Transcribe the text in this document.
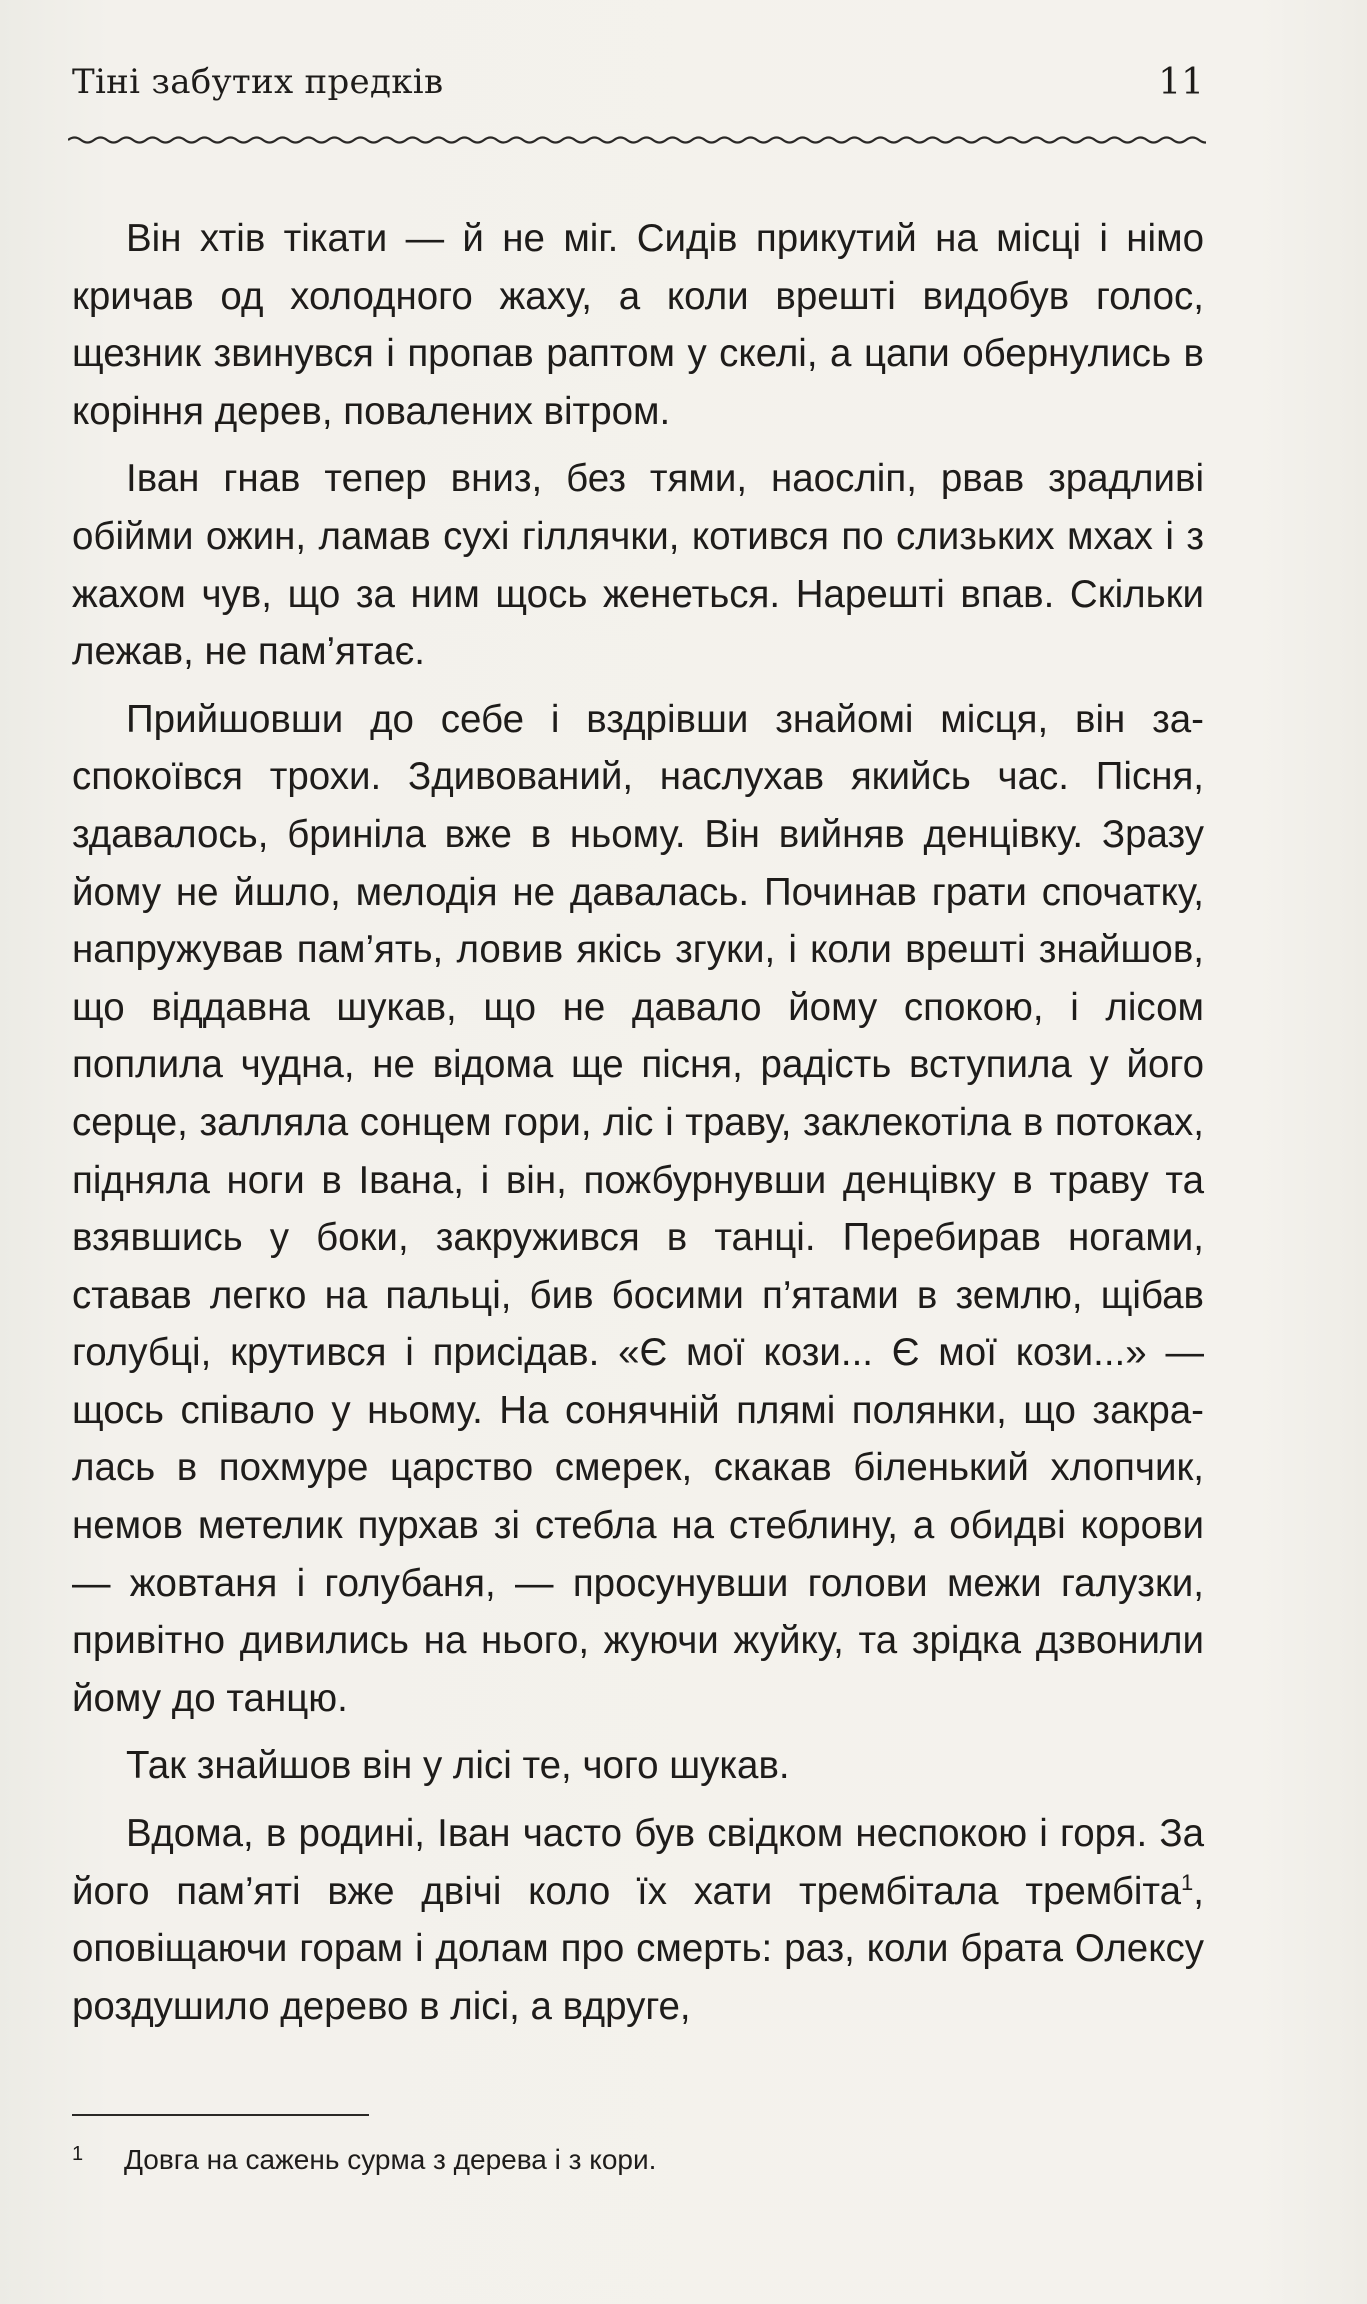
Тіні забутих предків	11

Він хтів тікати — й не міг. Сидів прикутий на місці і німо кричав од холодного жаху, а коли врешті видобув голос, щезник звинувся і пропав раптом у скелі, а цапи обернулись в коріння дерев, повалених вітром.

Іван гнав тепер вниз, без тями, наосліп, рвав зрадливі обійми ожин, ламав сухі гіллячки, котився по слизьких мхах і з жахом чув, що за ним щось женеться. Нарешті впав. Скільки лежав, не пам’ятає.

Прийшовши до себе і вздрівши знайомі місця, він заспокоївся трохи. Здивований, наслухав якийсь час. Пісня, здавалось, бриніла вже в ньому. Він вийняв денцівку. Зразу йому не йшло, мелодія не давалась. Починав грати спочатку, напружував пам’ять, ловив якісь згуки, і коли врешті знайшов, що віддавна шукав, що не давало йому спокою, і лісом поплила чудна, не відома ще пісня, радість вступила у його серце, залляла сонцем гори, ліс і траву, заклекотіла в потоках, підняла ноги в Івана, і він, пожбурнувши денцівку в траву та взявшись у боки, закружився в танці. Перебирав ногами, ставав легко на пальці, бив босими п’ятами в землю, щібав голубці, крутився і присідав. «Є мої кози... Є мої кози...» — щось співало у ньому. На сонячній плямі полянки, що закралась в похмуре царство смерек, скакав біленький хлопчик, немов метелик пурхав зі стебла на стеблину, а обидві корови — жовтаня і голубаня, — просунувши голови межи галузки, привітно дивились на нього, жуючи жуйку, та зрідка дзвонили йому до танцю.

Так знайшов він у лісі те, чого шукав.

Вдома, в родині, Іван часто був свідком неспокою і горя. За його пам’яті вже двічі коло їх хати трембітала трембіта$^1$, оповіщаючи горам і долам про смерть: раз, коли брата Олексу роздушило дерево в лісі, а вдруге,

1 Довга на сажень сурма з дерева і з кори.
